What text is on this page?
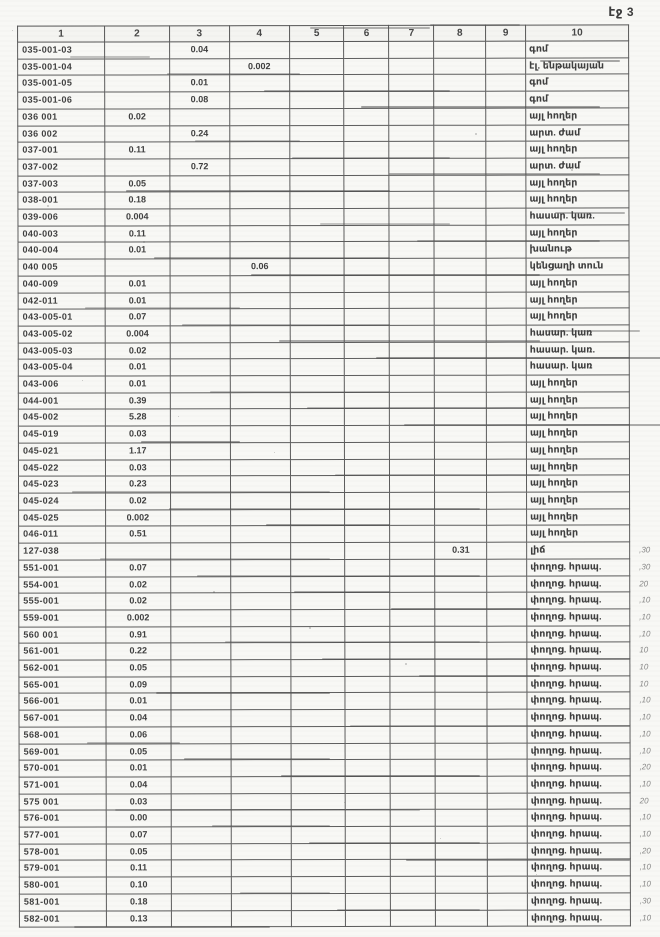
էջ 3
1	2	3	4	5	6	7	8	9	10	
035-001-03		0.04							գոմ	
035-001-04			0.002						էլ. ենթակայան	
035-001-05		0.01							գոմ	
035-001-06		0.08							գոմ	
036 001	0.02								այլ հողեր	
036 002		0.24							արտ. ժամ	
037-001	0.11								այլ հողեր	
037-002		0.72							արտ. ժամ	
037-003	0.05								այլ հողեր	
038-001	0.18								այլ հողեր	
039-006	0.004								հասար. կառ.	
040-003	0.11								այլ հողեր	
040-004	0.01								խանութ	
040 005			0.06						կենցաղի տուն	
040-009	0.01								այլ հողեր	
042-011	0.01								այլ հողեր	
043-005-01	0.07								այլ հողեր	
043-005-02	0.004								հասար. կառ	
043-005-03	0.02								հասար. կառ.	
043-005-04	0.01								հասար. կառ	
043-006	0.01								այլ հողեր	
044-001	0.39								այլ հողեր	
045-002	5.28								այլ հողեր	
045-019	0.03								այլ հողեր	
045-021	1.17								այլ հողեր	
045-022	0.03								այլ հողեր	
045-023	0.23								այլ հողեր	
045-024	0.02								այլ հողեր	
045-025	0.002								այլ հողեր	
046-011	0.51								այլ հողեր	
127-038							0.31		լիճ	,30
551-001	0.07								փողոց. հրապ.	,30
554-001	0.02								փողոց. հրապ.	20
555-001	0.02								փողոց. հրապ.	,10
559-001	0.002								փողոց. հրապ.	,10
560 001	0.91								փողոց. հրապ.	,10
561-001	0.22								փողոց. հրապ.	10
562-001	0.05								փողոց. հրապ.	10
565-001	0.09								փողոց. հրապ.	10
566-001	0.01								փողոց. հրապ.	,10
567-001	0.04								փողոց. հրապ.	,10
568-001	0.06								փողոց. հրապ.	,10
569-001	0.05								փողոց. հրապ.	,10
570-001	0.01								փողոց. հրապ.	,20
571-001	0.04								փողոց. հրապ.	,10
575 001	0.03								փողոց. հրապ.	20
576-001	0.00								փողոց. հրապ.	,10
577-001	0.07								փողոց. հրապ.	,10
578-001	0.05								փողոց. հրապ.	,20
579-001	0.11								փողոց. հրապ.	,10
580-001	0.10								փողոց. հրապ.	,10
581-001	0.18								փողոց. հրապ.	,30
582-001	0.13								փողոց. հրապ.	,10
